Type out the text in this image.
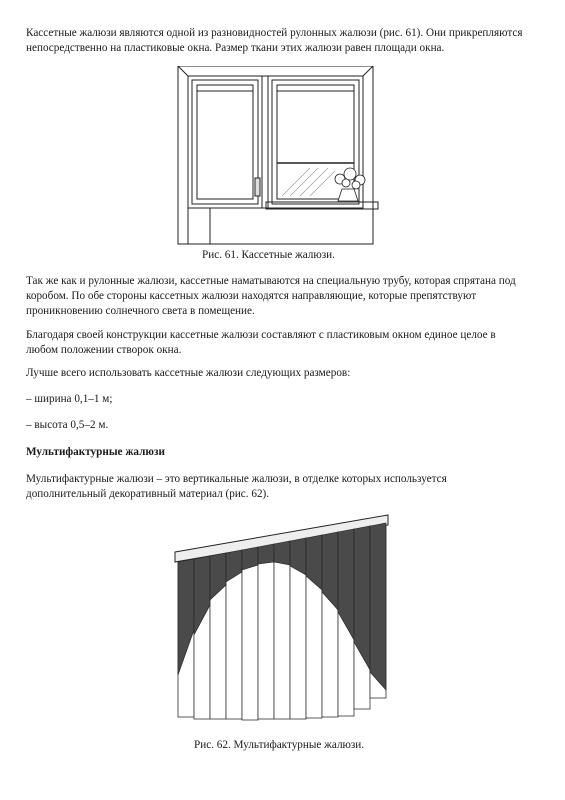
Кассетные жалюзи являются одной из разновидностей рулонных жалюзи (рис. 61). Они прикрепляются
непосредственно на пластиковые окна. Размер ткани этих жалюзи равен площади окна.

Рис. 61. Кассетные жалюзи.

Так же как и рулонные жалюзи, кассетные наматываются на специальную трубу, которая спрятана под
коробом. По обе стороны кассетных жалюзи находятся направляющие, которые препятствуют
проникновению солнечного света в помещение.

Благодаря своей конструкции кассетные жалюзи составляют с пластиковым окном единое целое в
любом положении створок окна.

Лучше всего использовать кассетные жалюзи следующих размеров:

– ширина 0,1–1 м;

– высота 0,5–2 м.

Мультифактурные жалюзи

Мультифактурные жалюзи – это вертикальные жалюзи, в отделке которых используется
дополнительный декоративный материал (рис. 62).

Рис. 62. Мультифактурные жалюзи.
